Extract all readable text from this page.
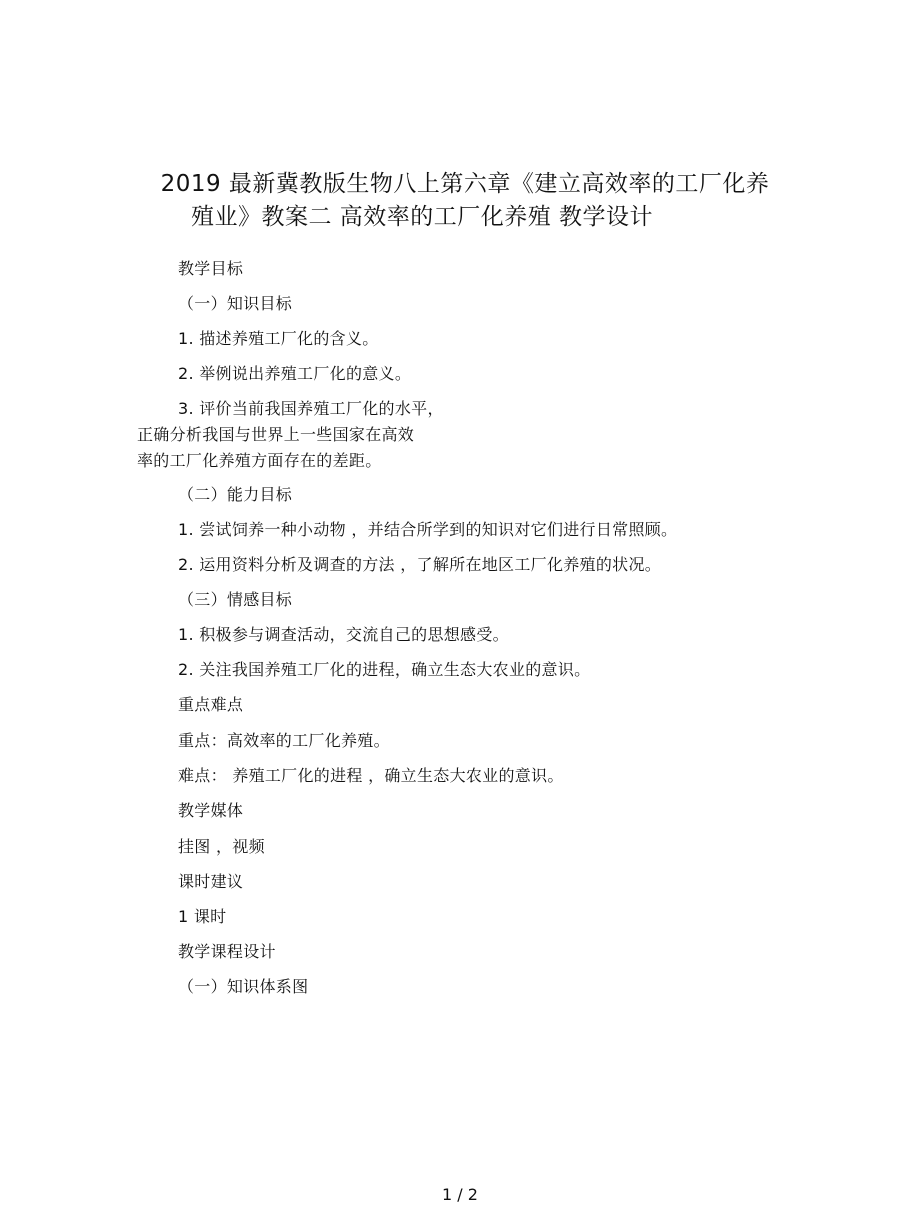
2019 最新冀教版生物八上第六章《建立高效率的工厂化养
殖业》教案二 高效率的工厂化养殖 教学设计
教学目标
（一）知识目标
1. 描述养殖工厂化的含义。
2. 举例说出养殖工厂化的意义。
3. 评价当前我国养殖工厂化的水平，
正确分析我国与世界上一些国家在高效
率的工厂化养殖方面存在的差距。
（二）能力目标
1. 尝试饲养一种小动物 ，并结合所学到的知识对它们进行日常照顾。
2. 运用资料分析及调查的方法 ，了解所在地区工厂化养殖的状况。
（三）情感目标
1. 积极参与调查活动，交流自己的思想感受。
2. 关注我国养殖工厂化的进程，确立生态大农业的意识。
重点难点
重点：高效率的工厂化养殖。
难点： 养殖工厂化的进程 ，确立生态大农业的意识。
教学媒体
挂图 ，视频
课时建议
1 课时
教学课程设计
（一）知识体系图
1 / 2
